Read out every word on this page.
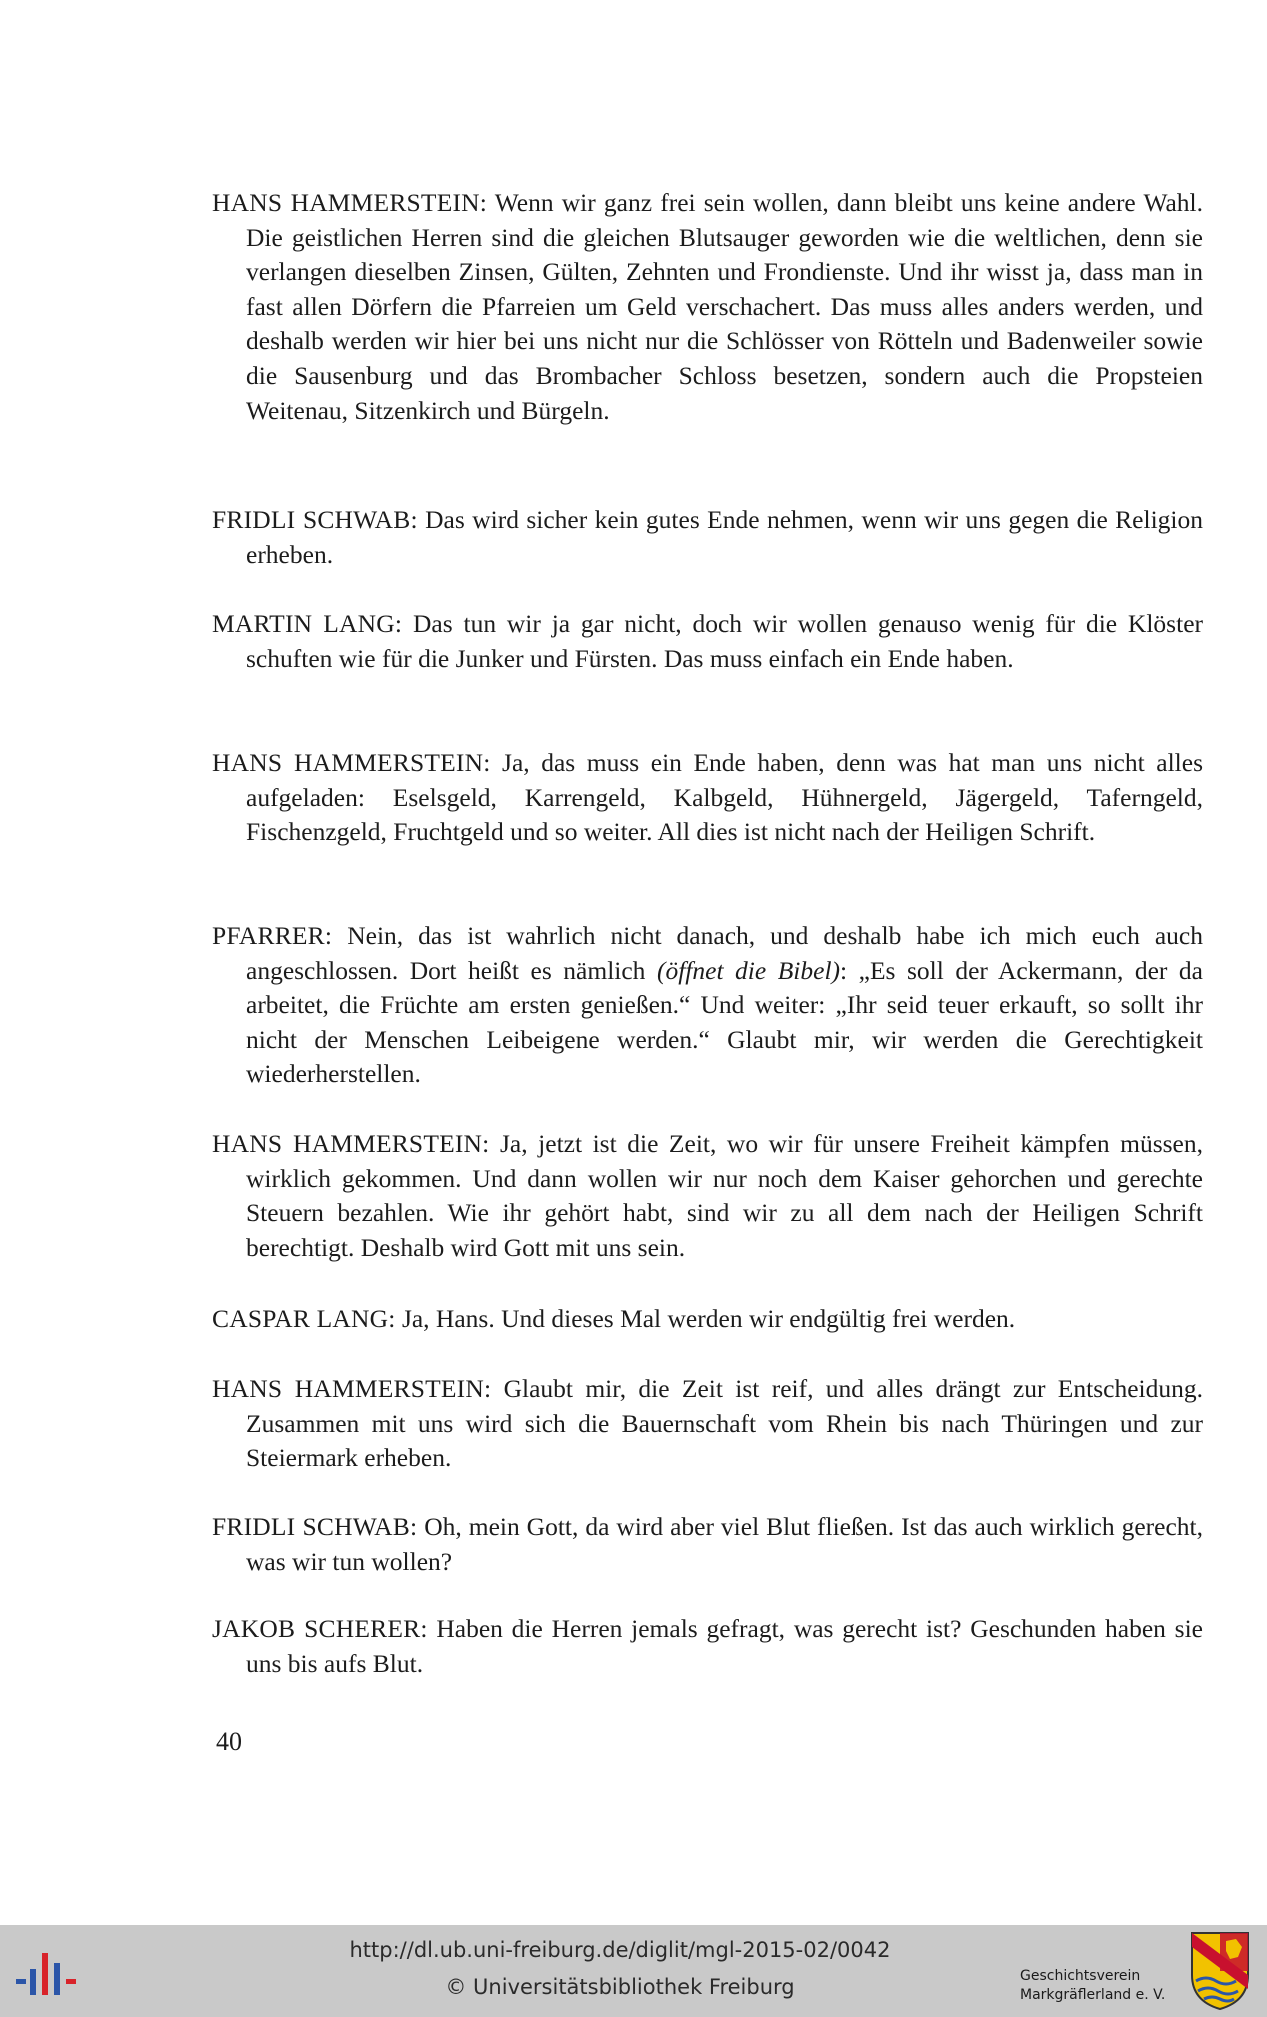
HANS HAMMERSTEIN: Wenn wir ganz frei sein wollen, dann bleibt uns keine andere Wahl. Die geistlichen Herren sind die gleichen Blutsauger geworden wie die weltlichen, denn sie verlangen dieselben Zinsen, Gülten, Zehnten und Frondienste. Und ihr wisst ja, dass man in fast allen Dörfern die Pfarreien um Geld verschachert. Das muss alles anders werden, und deshalb werden wir hier bei uns nicht nur die Schlösser von Rötteln und Badenweiler sowie die Sausenburg und das Brombacher Schloss besetzen, sondern auch die Propsteien Weitenau, Sitzenkirch und Bürgeln.

FRIDLI SCHWAB: Das wird sicher kein gutes Ende nehmen, wenn wir uns gegen die Religion erheben.

MARTIN LANG: Das tun wir ja gar nicht, doch wir wollen genauso wenig für die Klöster schuften wie für die Junker und Fürsten. Das muss einfach ein Ende haben.

HANS HAMMERSTEIN: Ja, das muss ein Ende haben, denn was hat man uns nicht alles aufgeladen: Eselsgeld, Karrengeld, Kalbgeld, Hühnergeld, Jägergeld, Taferngeld, Fischenzgeld, Fruchtgeld und so weiter. All dies ist nicht nach der Heiligen Schrift.

PFARRER: Nein, das ist wahrlich nicht danach, und deshalb habe ich mich euch auch angeschlossen. Dort heißt es nämlich (öffnet die Bibel): „Es soll der Ackermann, der da arbeitet, die Früchte am ersten genießen.“ Und weiter: „Ihr seid teuer erkauft, so sollt ihr nicht der Menschen Leibeigene werden.“ Glaubt mir, wir werden die Gerechtigkeit wiederherstellen.

HANS HAMMERSTEIN: Ja, jetzt ist die Zeit, wo wir für unsere Freiheit kämpfen müssen, wirklich gekommen. Und dann wollen wir nur noch dem Kaiser gehorchen und gerechte Steuern bezahlen. Wie ihr gehört habt, sind wir zu all dem nach der Heiligen Schrift berechtigt. Deshalb wird Gott mit uns sein.

CASPAR LANG: Ja, Hans. Und dieses Mal werden wir endgültig frei werden.

HANS HAMMERSTEIN: Glaubt mir, die Zeit ist reif, und alles drängt zur Entscheidung. Zusammen mit uns wird sich die Bauernschaft vom Rhein bis nach Thüringen und zur Steiermark erheben.

FRIDLI SCHWAB: Oh, mein Gott, da wird aber viel Blut fließen. Ist das auch wirklich gerecht, was wir tun wollen?

JAKOB SCHERER: Haben die Herren jemals gefragt, was gerecht ist? Geschunden haben sie uns bis aufs Blut.

40
http://dl.ub.uni-freiburg.de/diglit/mgl-2015-02/0042
© Universitätsbibliothek Freiburg	Geschichtsverein
Markgräflerland e. V.
